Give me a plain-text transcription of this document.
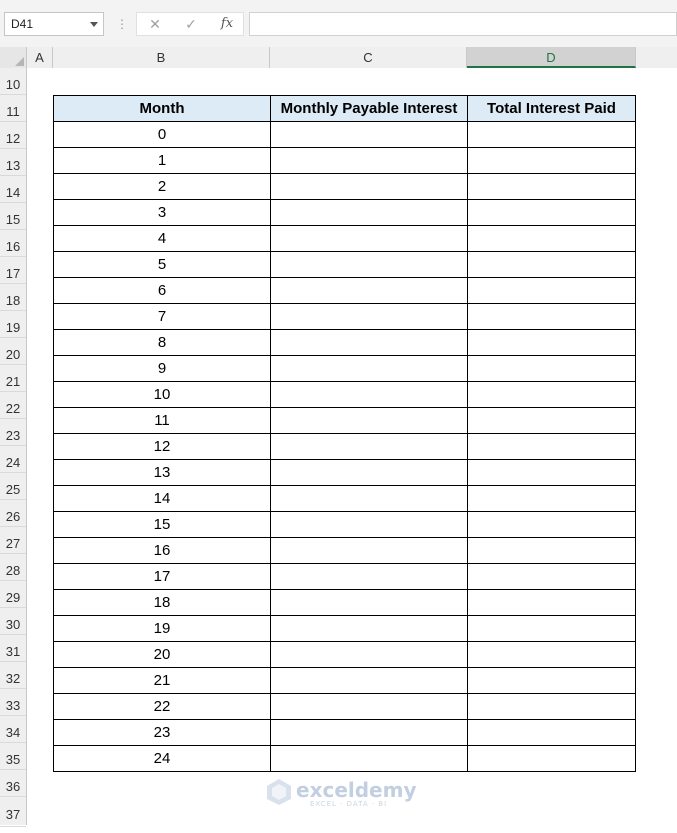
D41	⋮	✕	✓	fx
A	B	C	D
10
11
12
13
14
15
16
17
18
19
20
21
22
23
24
25
26
27
28
29
30
31
32
33
34
35
36
37
Month	Monthly Payable Interest	Total Interest Paid
0		
1		
2		
3		
4		
5		
6		
7		
8		
9		
10		
11		
12		
13		
14		
15		
16		
17		
18		
19		
20		
21		
22		
23		
24		
exceldemy
EXCEL · DATA · BI
